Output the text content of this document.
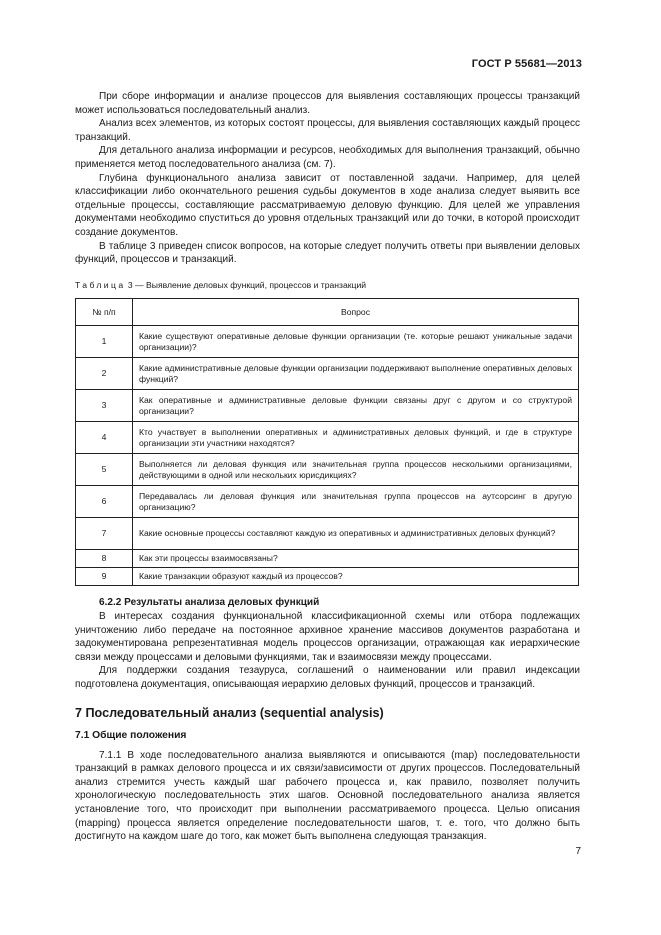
ГОСТ Р 55681—2013

При сборе информации и анализе процессов для выявления составляющих процессы транзакций может использоваться последовательный анализ.

Анализ всех элементов, из которых состоят процессы, для выявления составляющих каждый процесс транзакций.

Для детального анализа информации и ресурсов, необходимых для выполнения транзакций, обычно применяется метод последовательного анализа (см. 7).

Глубина функционального анализа зависит от поставленной задачи. Например, для целей классификации либо окончательного решения судьбы документов в ходе анализа следует выявить все отдельные процессы, составляющие рассматриваемую деловую функцию. Для целей же управления документами необходимо спуститься до уровня отдельных транзакций или до точки, в которой происходит создание документов.

В таблице 3 приведен список вопросов, на которые следует получить ответы при выявлении деловых функций, процессов и транзакций.

Таблица 3 — Выявление деловых функций, процессов и транзакций
№ п/п	Вопрос
1	Какие существуют оперативные деловые функции организации (те. которые решают уникальные задачи организации)?
2	Какие административные деловые функции организации поддерживают выполнение оперативных деловых функций?
3	Как оперативные и административные деловые функции связаны друг с другом и со структурой организации?
4	Кто участвует в выполнении оперативных и административных деловых функций, и где в структуре организации эти участники находятся?
5	Выполняется ли деловая функция или значительная группа процессов несколькими организациями, действующими в одной или нескольких юрисдикциях?
6	Передавалась ли деловая функция или значительная группа процессов на аутсорсинг в другую организацию?
7	Какие основные процессы составляют каждую из оперативных и административных деловых функций?
8	Как эти процессы взаимосвязаны?
9	Какие транзакции образуют каждый из процессов?

6.2.2 Результаты анализа деловых функций

В интересах создания функциональной классификационной схемы или отбора подлежащих уничтожению либо передаче на постоянное архивное хранение массивов документов разработана и задокументирована репрезентативная модель процессов организации, отражающая как иерархические связи между процессами и деловыми функциями, так и взаимосвязи между процессами.

Для поддержки создания тезауруса, соглашений о наименовании или правил индексации подготовлена документация, описывающая иерархию деловых функций, процессов и транзакций.

7 Последовательный анализ (sequential analysis)
7.1 Общие положения

7.1.1 В ходе последовательного анализа выявляются и описываются (map) последовательности транзакций в рамках делового процесса и их связи/зависимости от других процессов. Последовательный анализ стремится учесть каждый шаг рабочего процесса и, как правило, позволяет получить хронологическую последовательность этих шагов. Основной последовательного анализа является установление того, что происходит при выполнении рассматриваемого процесса. Целью описания (mapping) процесса является определение последовательности шагов, т. е. того, что должно быть достигнуто на каждом шаге до того, как может быть выполнена следующая транзакция.

7
